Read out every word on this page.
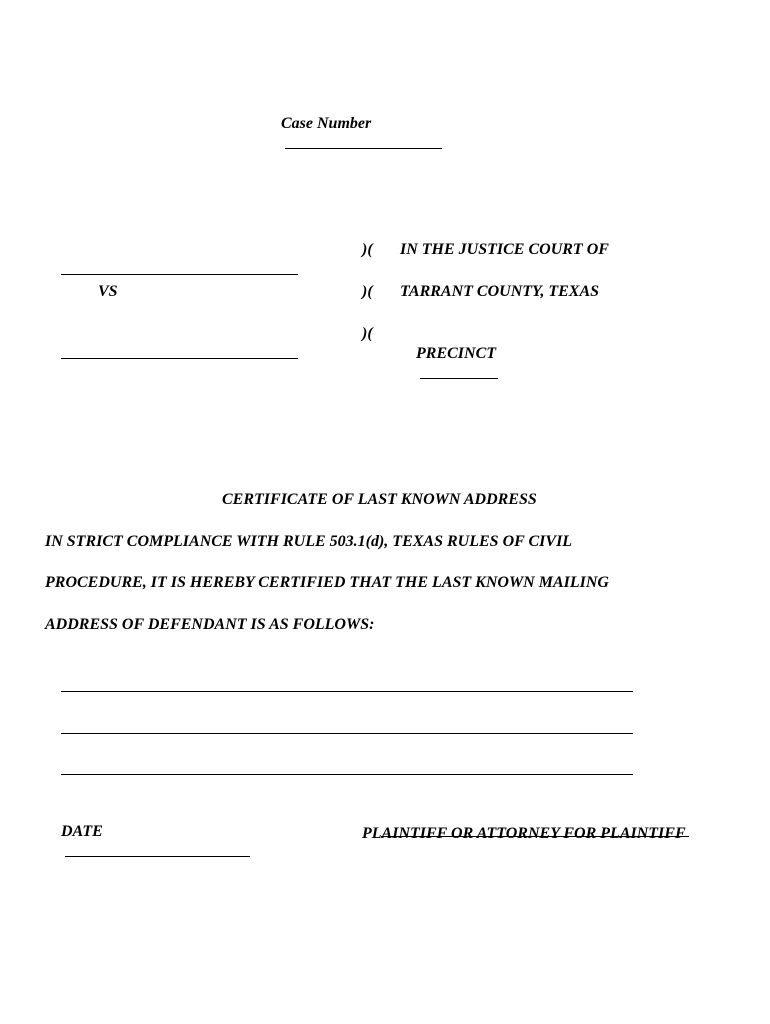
Case Number

VS

)(
)(
)(
IN THE JUSTICE COURT OF
TARRANT COUNTY, TEXAS

PRECINCT

CERTIFICATE OF LAST KNOWN ADDRESS
IN STRICT COMPLIANCE WITH RULE 503.1(d), TEXAS RULES OF CIVIL
PROCEDURE, IT IS HEREBY CERTIFIED THAT THE LAST KNOWN MAILING
ADDRESS OF DEFENDANT IS AS FOLLOWS:

DATE

	PLAINTIFF OR ATTORNEY FOR PLAINTIFF
